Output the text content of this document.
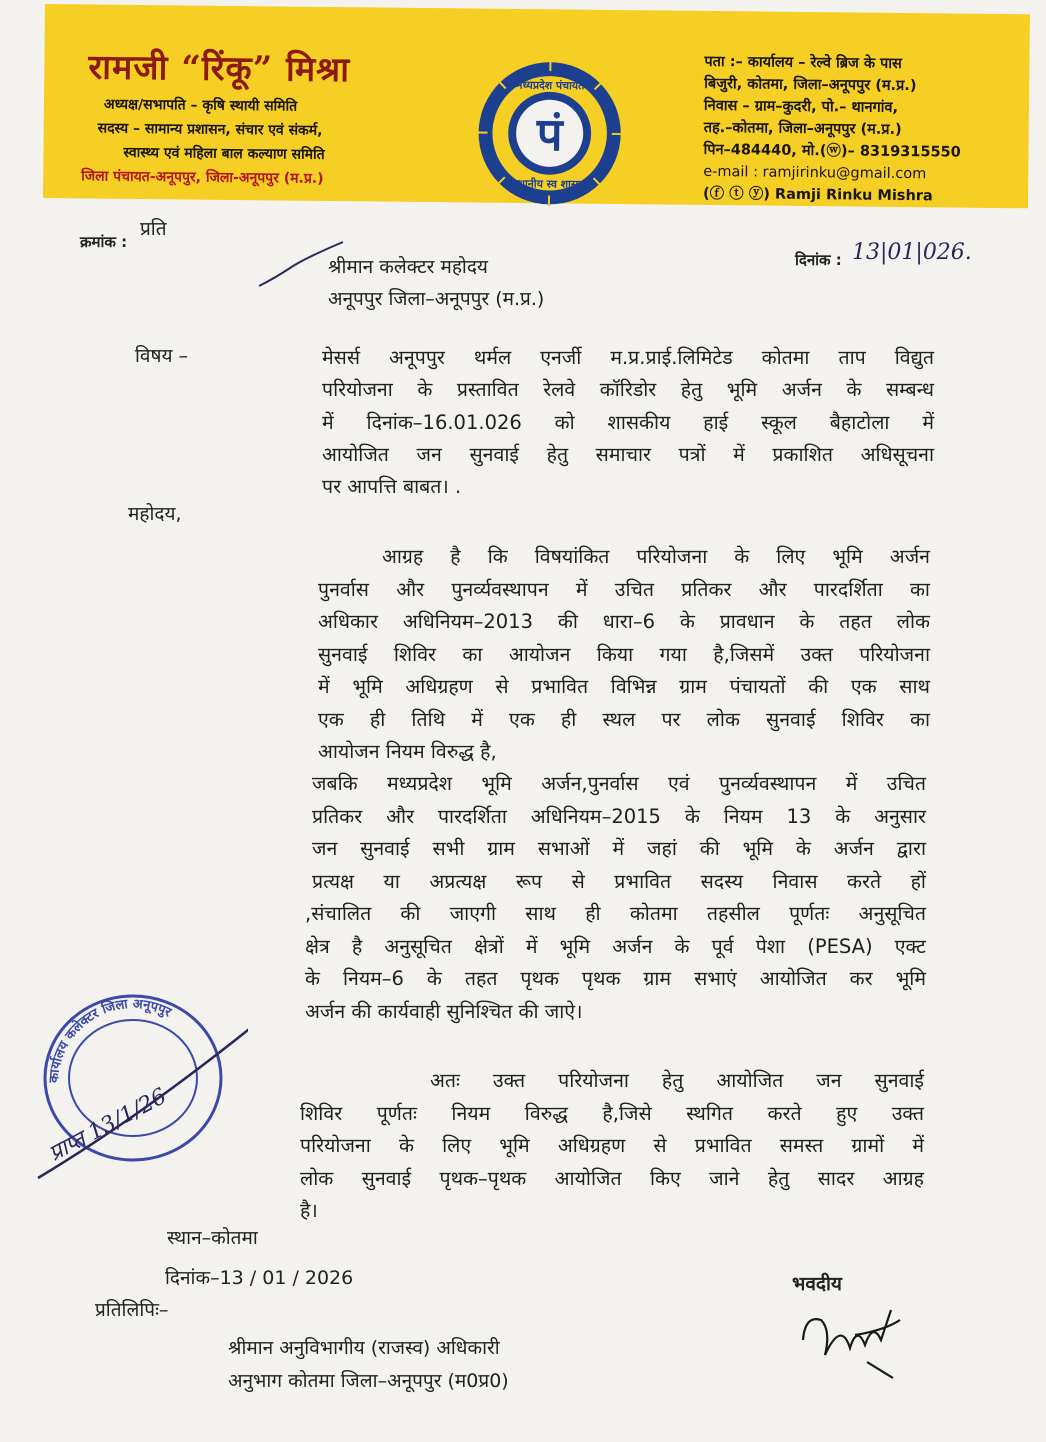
रामजी “रिंकू” मिश्रा
अध्यक्ष/सभापति – कृषि स्थायी समिति
सदस्य – सामान्य प्रशासन, संचार एवं संकर्म,
स्वास्थ्य एवं महिला बाल कल्याण समिति
जिला पंचायत-अनूपपुर, जिला-अनूपपुर (म.प्र.)
पं
मध्यप्रदेश पंचायत
स्थानीय स्व शासन
पता :– कार्यालय – रेल्वे ब्रिज के पास
बिजुरी, कोतमा, जिला–अनूपपुर (म.प्र.)
निवास – ग्राम–कुदरी, पो.– थानगांव,
तह.–कोतमा, जिला–अनूपपुर (म.प्र.)
पिन–484440, मो.(ⓦ)– 8319315550
e-mail : ramjirinku@gmail.com
(ⓕ ⓣ ⓨ) Ramji Rinku Mishra
क्रमांक :
प्रति
दिनांक : 13|01|026.
श्रीमान कलेक्टर महोदय
अनूपपुर जिला–अनूपपुर (म.प्र.)
विषय –	मेसर्स अनूपपुर थर्मल एनर्जी म.प्र.प्राई.लिमिटेड कोतमा ताप विद्युत
परियोजना के प्रस्तावित रेलवे कॉरिडोर हेतु भूमि अर्जन के सम्बन्ध
में दिनांक–16.01.026 को शासकीय हाई स्कूल बैहाटोला में
आयोजित जन सुनवाई हेतु समाचार पत्रों में प्रकाशित अधिसूचना
पर आपत्ति बाबत। .
महोदय,
आग्रह है कि विषयांकित परियोजना के लिए भूमि अर्जन
पुनर्वास और पुनर्व्यवस्थापन में उचित प्रतिकर और पारदर्शिता का
अधिकार अधिनियम–2013 की धारा–6 के प्रावधान के तहत लोक
सुनवाई शिविर का आयोजन किया गया है,जिसमें उक्त परियोजना
में भूमि अधिग्रहण से प्रभावित विभिन्न ग्राम पंचायतों की एक साथ
एक ही तिथि में एक ही स्थल पर लोक सुनवाई शिविर का
आयोजन नियम विरुद्ध है,
जबकि मध्यप्रदेश भूमि अर्जन,पुनर्वास एवं पुनर्व्यवस्थापन में उचित
प्रतिकर और पारदर्शिता अधिनियम–2015 के नियम 13 के अनुसार
जन सुनवाई सभी ग्राम सभाओं में जहां की भूमि के अर्जन द्वारा
प्रत्यक्ष या अप्रत्यक्ष रूप से प्रभावित सदस्य निवास करते हों
,संचालित की जाएगी साथ ही कोतमा तहसील पूर्णतः अनुसूचित
क्षेत्र है अनुसूचित क्षेत्रों में भूमि अर्जन के पूर्व पेशा (PESA) एक्ट
के नियम–6 के तहत पृथक पृथक ग्राम सभाएं आयोजित कर भूमि
अर्जन की कार्यवाही सुनिश्चित की जाऐ।
अतः उक्त परियोजना हेतु आयोजित जन सुनवाई
शिविर पूर्णतः नियम विरुद्ध है,जिसे स्थगित करते हुए उक्त
परियोजना के लिए भूमि अधिग्रहण से प्रभावित समस्त ग्रामों में
लोक सुनवाई पृथक–पृथक आयोजित किए जाने हेतु सादर आग्रह
है।
स्थान–कोतमा
दिनांक–13 / 01 / 2026	भवदीय
प्रतिलिपिः–
श्रीमान अनुविभागीय (राजस्व) अधिकारी
अनुभाग कोतमा जिला–अनूपपुर (म0प्र0)
कार्यालय कलेक्टर जिला अनूपपुर
प्राप्त 13/1/26
